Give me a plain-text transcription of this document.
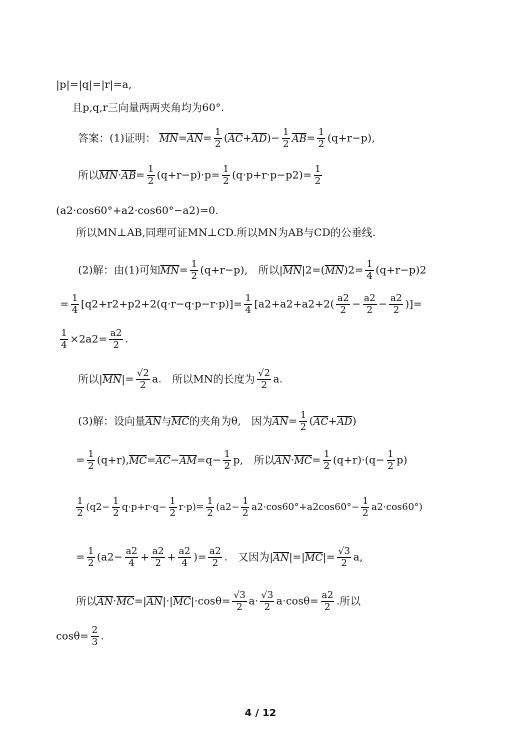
|p|=|q|=|r|=a,
且p,q,r三向量两两夹角均为60°.
答案：(1)证明： $\overline{MN}=\overline{AN}= \frac{1}{2} (\overline{AC}+\overline{AD})- \frac{1}{2} \overline{AB}= \frac{1}{2} (q+r-p)$,
所以$\overline{MN}\cdot\overline{AB}= \frac{1}{2} (q+r-p)\cdot p= \frac{1}{2} (q\cdot p+r\cdot p-p2)= \frac{1}{2}$
(a2·cos60°+a2·cos60°−a2)=0.
所以MN⊥AB,同理可证MN⊥CD.所以MN为AB与CD的公垂线.
(2)解：由(1)可知$\overline{MN}= \frac{1}{2} (q+r-p)$,　所以$|\overline{MN}|2=(\overline{MN})2= \frac{1}{4} (q+r-p)2$
= $\frac{1}{4} [q2+r2+p2+2(q\cdot r-q\cdot p-r\cdot p)]= \frac{1}{4} [a2+a2+a2+2( \frac{a2}{2} - \frac{a2}{2} - \frac{a2}{2}$ )]=
$\frac{1}{4} \times 2a2= \frac{a2}{2}$ .
所以$|\overline{MN}|= \frac{√2}{2} a$.　所以MN的长度为 $\frac{√2}{2} a$.
(3)解：设向量$\overline{AN}$与$\overline{MC}$的夹角为θ,　因为$\overline{AN}= \frac{1}{2} (\overline{AC}+\overline{AD})$
= $\frac{1}{2} (q+r),\overline{MC}=\overline{AC}-\overline{AM}=q- \frac{1}{2} p$,　所以$\overline{AN}\cdot\overline{MC}= \frac{1}{2} (q+r)\cdot(q- \frac{1}{2} p)$
$\frac{1}{2} (q2- \frac{1}{2} q\cdot p+r\cdot q- \frac{1}{2} r\cdot p)= \frac{1}{2} (a2- \frac{1}{2} a2\cdot\cos 60^\circ+a2\cos 60^\circ- \frac{1}{2} a2\cdot\cos 60^\circ)$
= $\frac{1}{2} (a2- \frac{a2}{4} + \frac{a2}{2} + \frac{a2}{4}$ )= $\frac{a2}{2}$ .　又因为$|\overline{AN}|=|\overline{MC}|= \frac{√3}{2} a$,
所以$\overline{AN}\cdot\overline{MC}=|\overline{AN}|\cdot|\overline{MC}|\cdot\cos\theta= \frac{√3}{2} a\cdot \frac{√3}{2} a\cdot\cos\theta= \frac{a2}{2}$ .所以
$\cos\theta= \frac{2}{3}$ .
4 / 12
